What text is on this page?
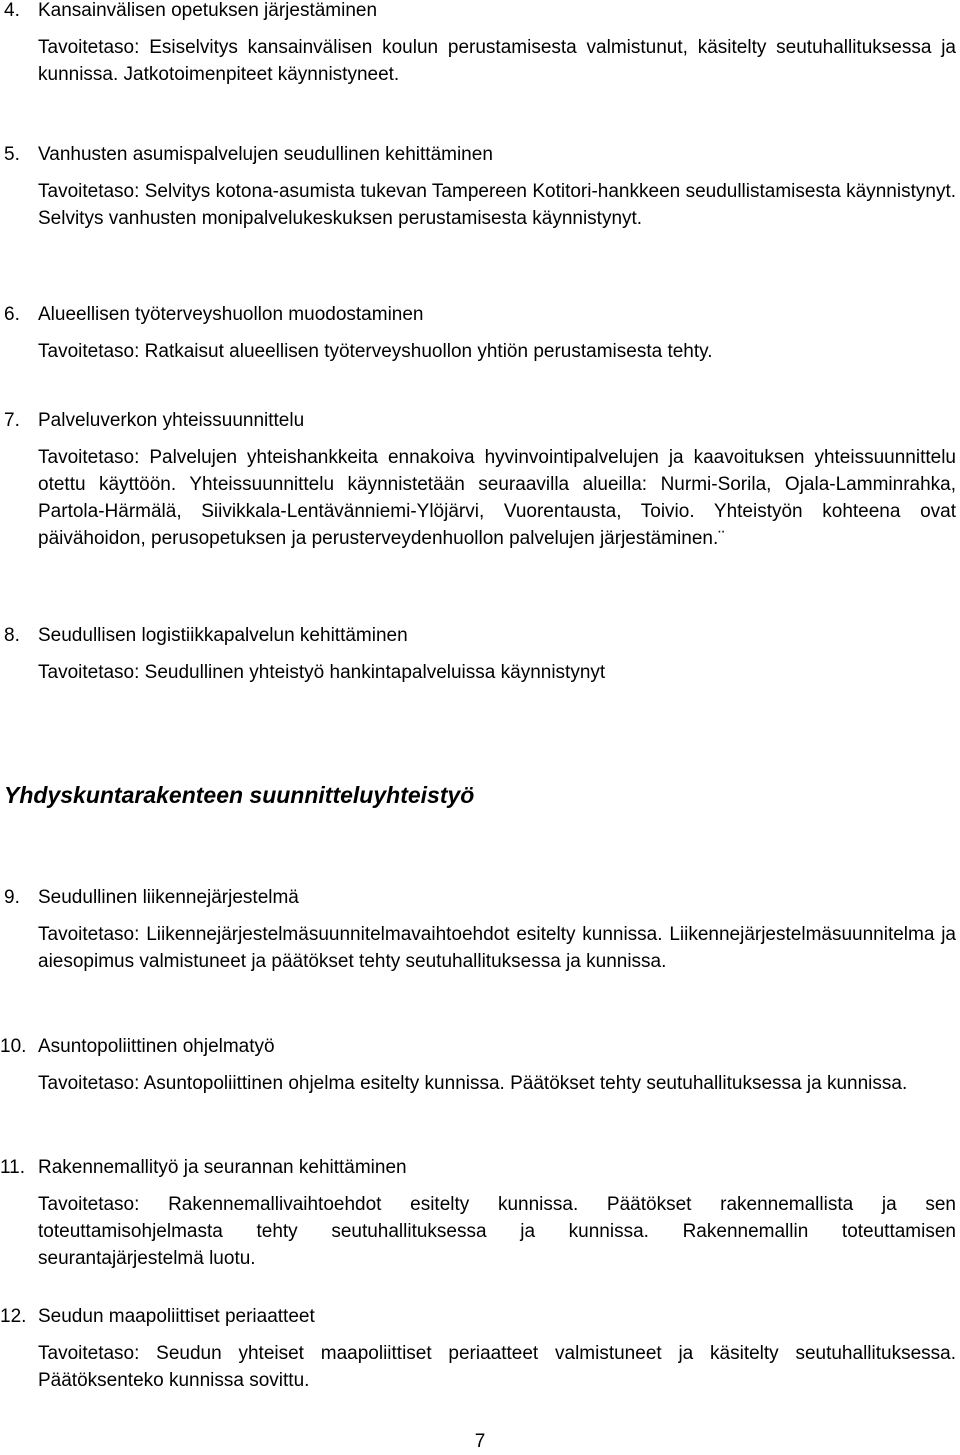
4. Kansainvälisen opetuksen järjestäminen
Tavoitetaso: Esiselvitys kansainvälisen koulun perustamisesta valmistunut, käsitelty seutuhallituksessa ja kunnissa. Jatkotoimenpiteet käynnistyneet.
5. Vanhusten asumispalvelujen seudullinen kehittäminen
Tavoitetaso: Selvitys kotona-asumista tukevan Tampereen Kotitori-hankkeen seudullistamisesta käynnistynyt. Selvitys vanhusten monipalvelukeskuksen perustamisesta käynnistynyt.
6. Alueellisen työterveyshuollon muodostaminen
Tavoitetaso: Ratkaisut alueellisen työterveyshuollon yhtiön perustamisesta tehty.
7. Palveluverkon yhteissuunnittelu
Tavoitetaso: Palvelujen yhteishankkeita ennakoiva hyvinvointipalvelujen ja kaavoituksen yhteissuunnittelu otettu käyttöön. Yhteissuunnittelu käynnistetään seuraavilla alueilla: Nurmi-Sorila, Ojala-Lamminrahka, Partola-Härmälä, Siivikkala-Lentävänniemi-Ylöjärvi, Vuorentausta, Toivio. Yhteistyön kohteena ovat päivähoidon, perusopetuksen ja perusterveydenhuollon palvelujen järjestäminen.¨
8. Seudullisen logistiikkapalvelun kehittäminen
Tavoitetaso: Seudullinen yhteistyö hankintapalveluissa käynnistynyt
Yhdyskuntarakenteen suunnitteluyhteistyö
9. Seudullinen liikennejärjestelmä
Tavoitetaso: Liikennejärjestelmäsuunnitelmavaihtoehdot esitelty kunnissa. Liikennejärjestelmäsuunnitelma ja aiesopimus valmistuneet ja päätökset tehty seutuhallituksessa ja kunnissa.
10. Asuntopoliittinen ohjelmatyö
Tavoitetaso: Asuntopoliittinen ohjelma esitelty kunnissa. Päätökset tehty seutuhallituksessa ja kunnissa.
11. Rakennemallityö ja seurannan kehittäminen
Tavoitetaso: Rakennemallivaihtoehdot esitelty kunnissa. Päätökset rakennemallista ja sen toteuttamisohjelmasta tehty seutuhallituksessa ja kunnissa. Rakennemallin toteuttamisen seurantajärjestelmä luotu.
12. Seudun maapoliittiset periaatteet
Tavoitetaso: Seudun yhteiset maapoliittiset periaatteet valmistuneet ja käsitelty seutuhallituksessa. Päätöksenteko kunnissa sovittu.
7
